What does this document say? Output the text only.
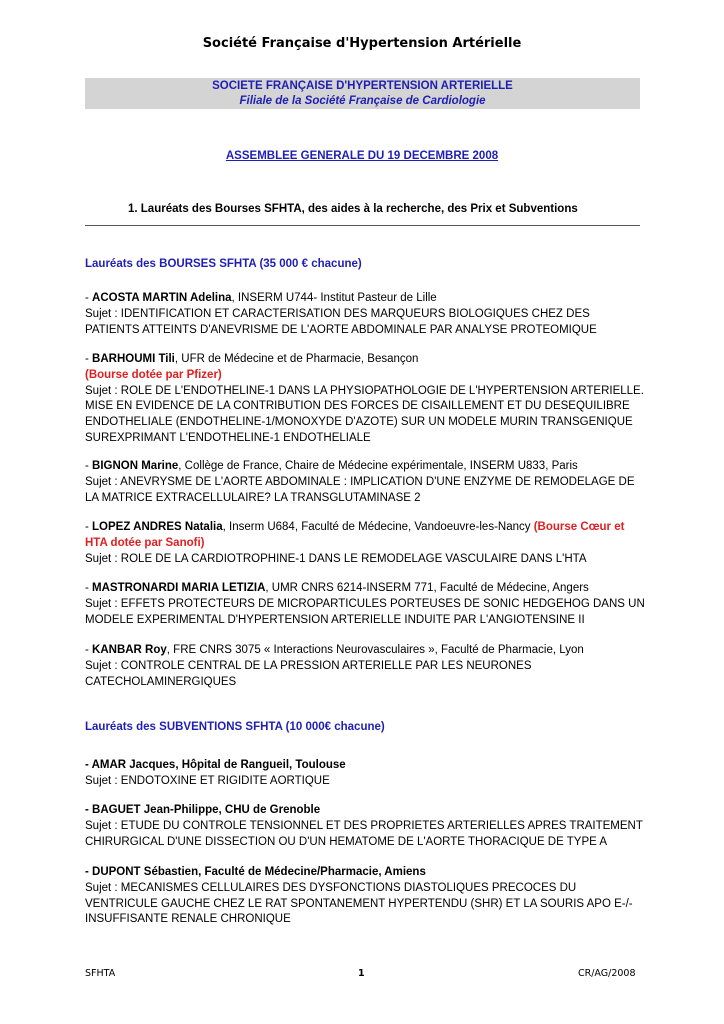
Société Française d'Hypertension Artérielle
SOCIETE FRANÇAISE D'HYPERTENSION ARTERIELLE
Filiale de la Société Française de Cardiologie
ASSEMBLEE GENERALE DU 19 DECEMBRE 2008
1. Lauréats des Bourses SFHTA, des aides à la recherche, des Prix et Subventions
Lauréats des BOURSES SFHTA (35 000 € chacune)
- ACOSTA MARTIN Adelina, INSERM U744- Institut Pasteur de Lille
Sujet : IDENTIFICATION ET CARACTERISATION DES MARQUEURS BIOLOGIQUES CHEZ DES PATIENTS ATTEINTS D'ANEVRISME DE L'AORTE ABDOMINALE PAR ANALYSE PROTEOMIQUE
- BARHOUMI Tili, UFR de Médecine et de Pharmacie, Besançon
(Bourse dotée par Pfizer)
Sujet : ROLE DE L'ENDOTHELINE-1 DANS LA PHYSIOPATHOLOGIE DE L'HYPERTENSION ARTERIELLE. MISE EN EVIDENCE DE LA CONTRIBUTION DES FORCES DE CISAILLEMENT ET DU DESEQUILIBRE ENDOTHELIALE (ENDOTHELINE-1/MONOXYDE D'AZOTE) SUR UN MODELE MURIN TRANSGENIQUE SUREXPRIMANT L'ENDOTHELINE-1 ENDOTHELIALE
- BIGNON Marine, Collège de France, Chaire de Médecine expérimentale, INSERM U833, Paris
Sujet : ANEVRYSME DE L'AORTE ABDOMINALE : IMPLICATION D'UNE ENZYME DE REMODELAGE DE LA MATRICE EXTRACELLULAIRE? LA TRANSGLUTAMINASE 2
- LOPEZ ANDRES Natalia, Inserm U684, Faculté de Médecine, Vandoeuvre-les-Nancy (Bourse Cœur et HTA dotée par Sanofi)
Sujet : ROLE DE LA CARDIOTROPHINE-1 DANS LE REMODELAGE VASCULAIRE DANS L'HTA
- MASTRONARDI MARIA LETIZIA, UMR CNRS 6214-INSERM 771, Faculté de Médecine, Angers
Sujet : EFFETS PROTECTEURS DE MICROPARTICULES PORTEUSES DE SONIC HEDGEHOG DANS UN MODELE EXPERIMENTAL D'HYPERTENSION ARTERIELLE INDUITE PAR L'ANGIOTENSINE II
- KANBAR Roy, FRE CNRS 3075 « Interactions Neurovasculaires », Faculté de Pharmacie, Lyon
Sujet : CONTROLE CENTRAL DE LA PRESSION ARTERIELLE PAR LES NEURONES CATECHOLAMINERGIQUES
Lauréats des SUBVENTIONS SFHTA (10 000€ chacune)
- AMAR Jacques, Hôpital de Rangueil, Toulouse
Sujet : ENDOTOXINE ET RIGIDITE AORTIQUE
- BAGUET Jean-Philippe, CHU de Grenoble
Sujet : ETUDE DU CONTROLE TENSIONNEL ET DES PROPRIETES ARTERIELLES APRES TRAITEMENT CHIRURGICAL D'UNE DISSECTION OU D'UN HEMATOME DE L'AORTE THORACIQUE DE TYPE A
- DUPONT Sébastien, Faculté de Médecine/Pharmacie, Amiens
Sujet : MECANISMES CELLULAIRES DES DYSFONCTIONS DIASTOLIQUES PRECOCES DU VENTRICULE GAUCHE CHEZ LE RAT SPONTANEMENT HYPERTENDU (SHR) ET LA SOURIS APO E-/- INSUFFISANTE RENALE CHRONIQUE
SFHTA	1	CR/AG/2008
